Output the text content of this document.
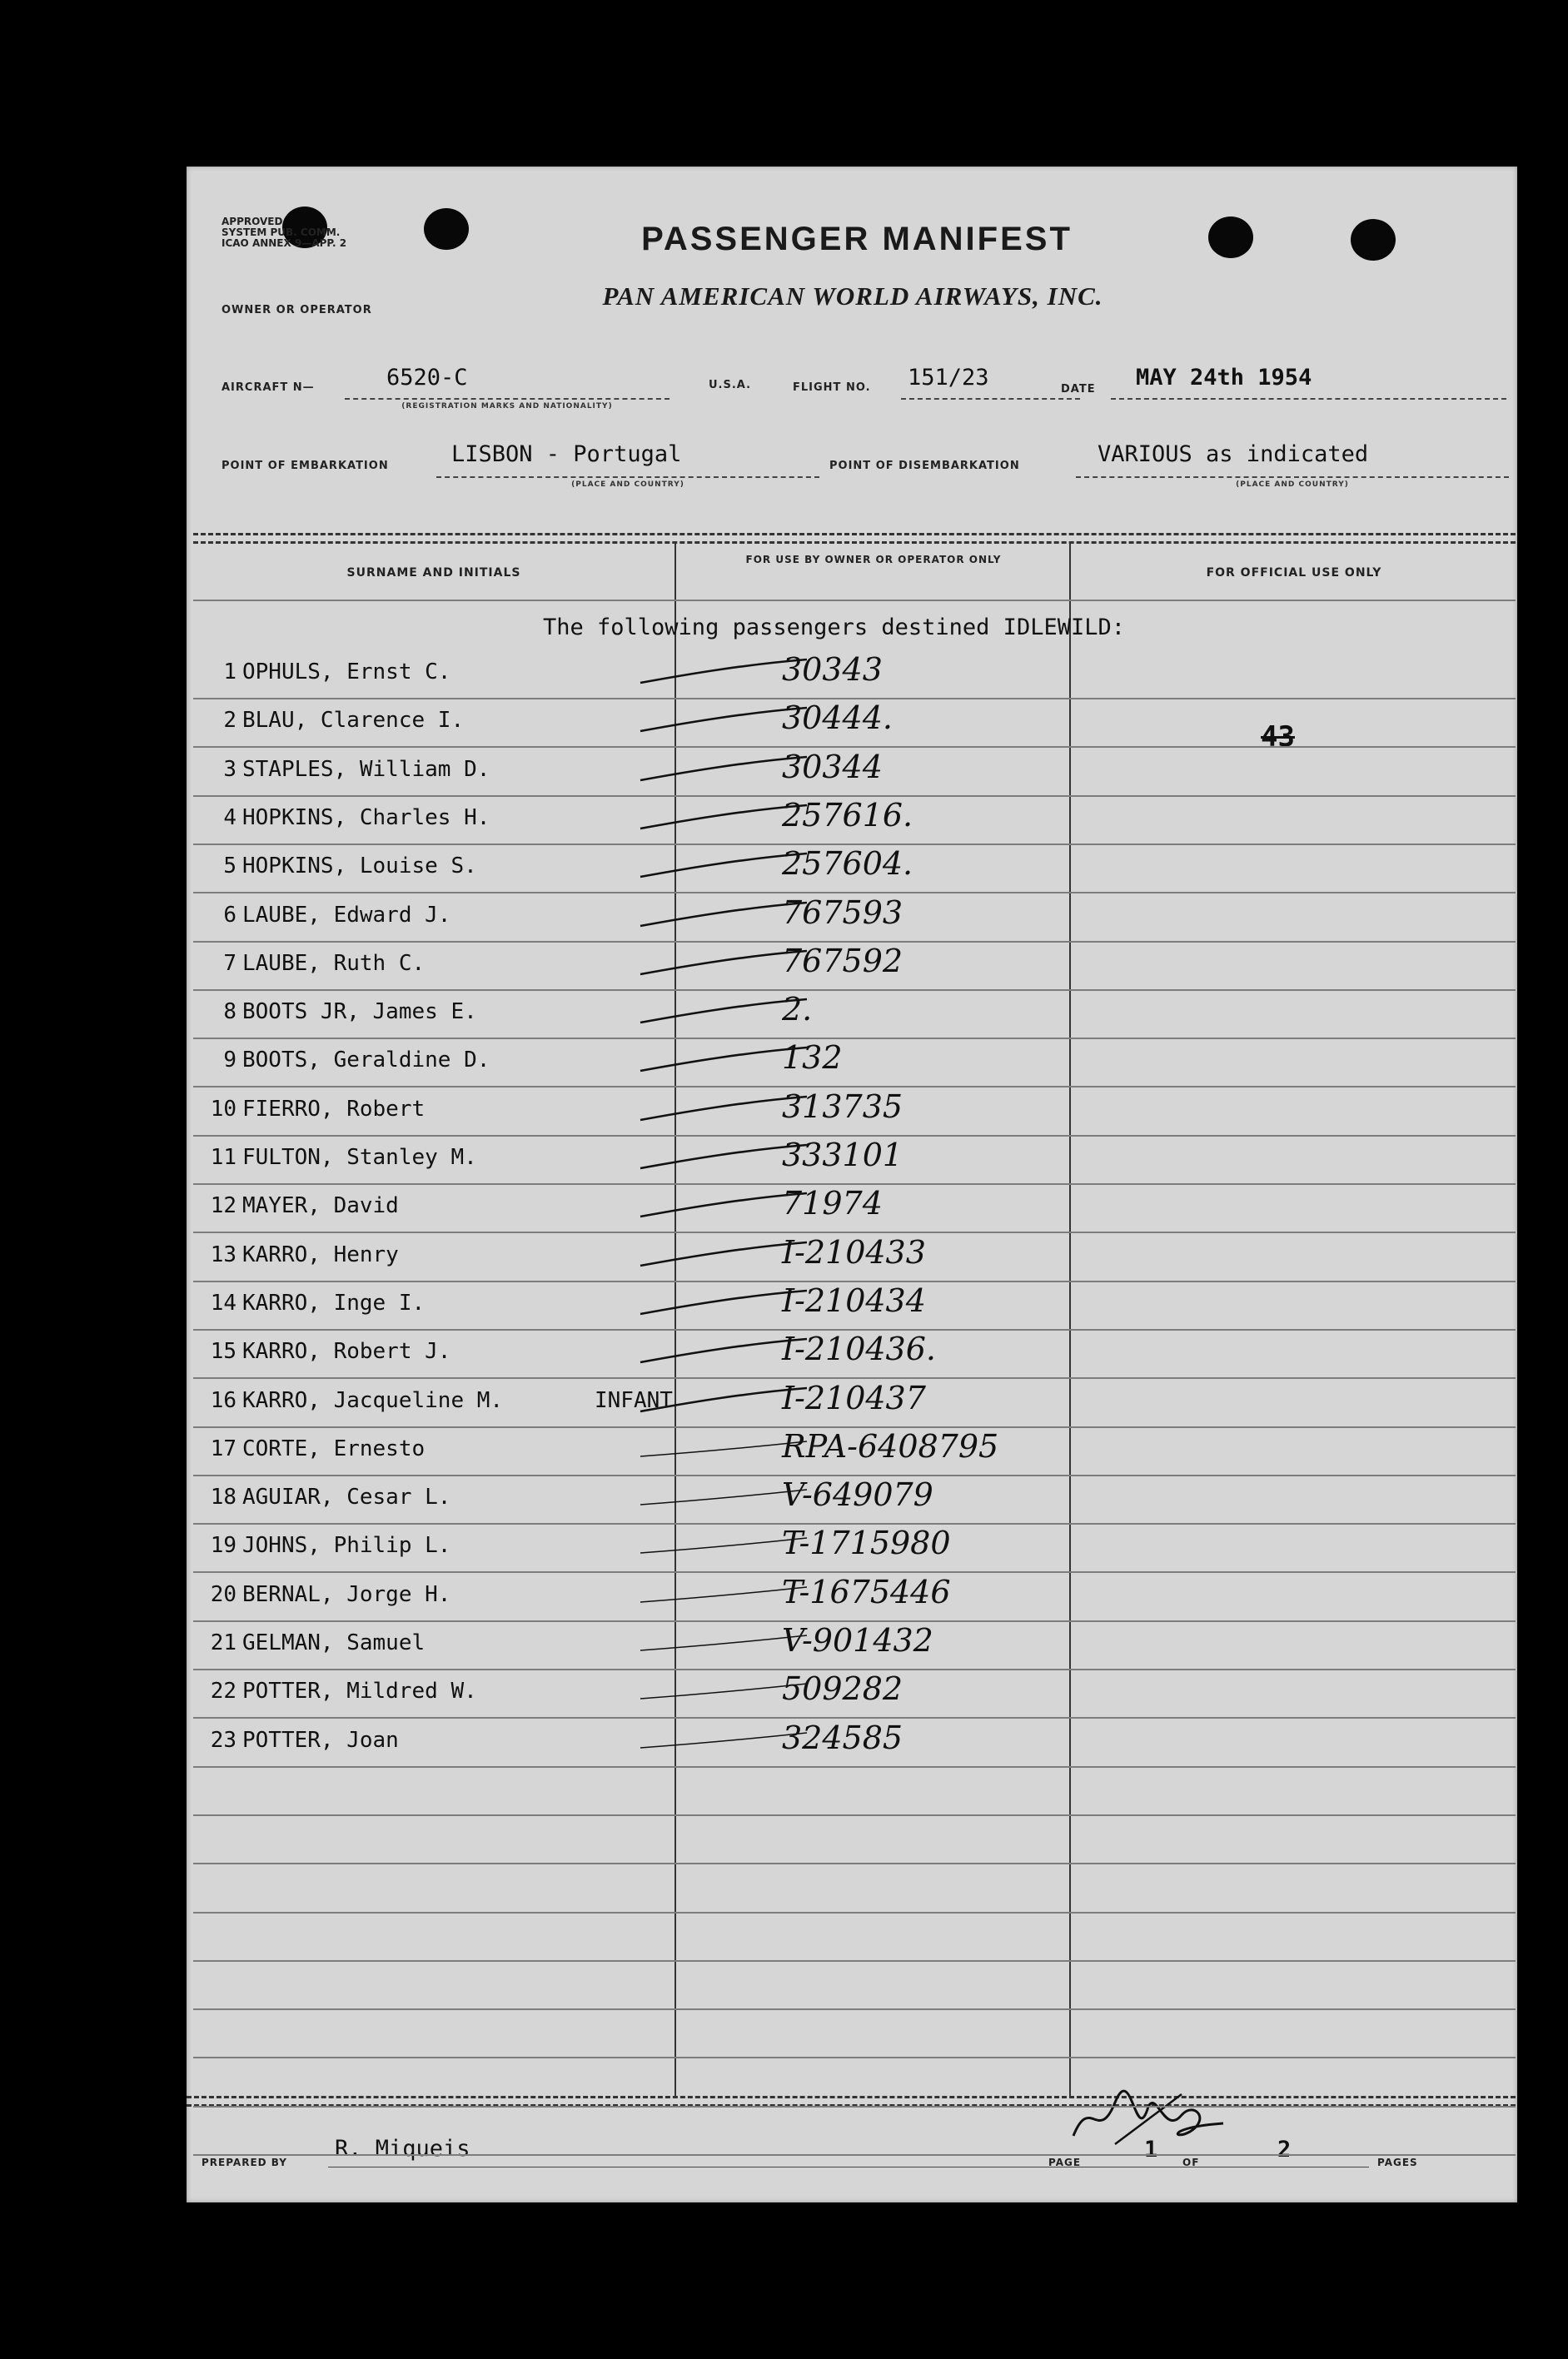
APPROVED
SYSTEM PUB. COMM.
ICAO ANNEX 9—APP. 2	PASSENGER MANIFEST
PAN AMERICAN WORLD AIRWAYS, INC.
OWNER OR OPERATOR
AIRCRAFT N—	6520-C
(REGISTRATION MARKS AND NATIONALITY)
U.S.A.	FLIGHT NO. 151/23	DATE MAY 24th 1954
POINT OF EMBARKATION	LISBON - Portugal
(PLACE AND COUNTRY)
POINT OF DISEMBARKATION	VARIOUS as indicated
(PLACE AND COUNTRY)
SURNAME AND INITIALS
FOR USE BY OWNER OR OPERATOR ONLY
FOR OFFICIAL USE ONLY
The following passengers destined IDLEWILD:
43
1 OPHULS, Ernst C.	30343
2 BLAU, Clarence I.	30444.
3 STAPLES, William D.	30344
4 HOPKINS, Charles H.	257616.
5 HOPKINS, Louise S.	257604.
6 LAUBE, Edward J.	767593
7 LAUBE, Ruth C.	767592
8 BOOTS JR, James E.	2.
9 BOOTS, Geraldine D.	132
10 FIERRO, Robert	313735
11 FULTON, Stanley M.	333101
12 MAYER, David	71974
13 KARRO, Henry	I-210433
14 KARRO, Inge I.	I-210434
15 KARRO, Robert J.	I-210436.
16 KARRO, Jacqueline M.	INFANT	I-210437
17 CORTE, Ernesto	RPA-6408795
18 AGUIAR, Cesar L.	V-649079
19 JOHNS, Philip L.	T-1715980
20 BERNAL, Jorge H.	T-1675446
21 GELMAN, Samuel	V-901432
22 POTTER, Mildred W.	509282
23 POTTER, Joan	324585
PREPARED BY
R. Miqueis
PAGE	1 OF	2	PAGES
